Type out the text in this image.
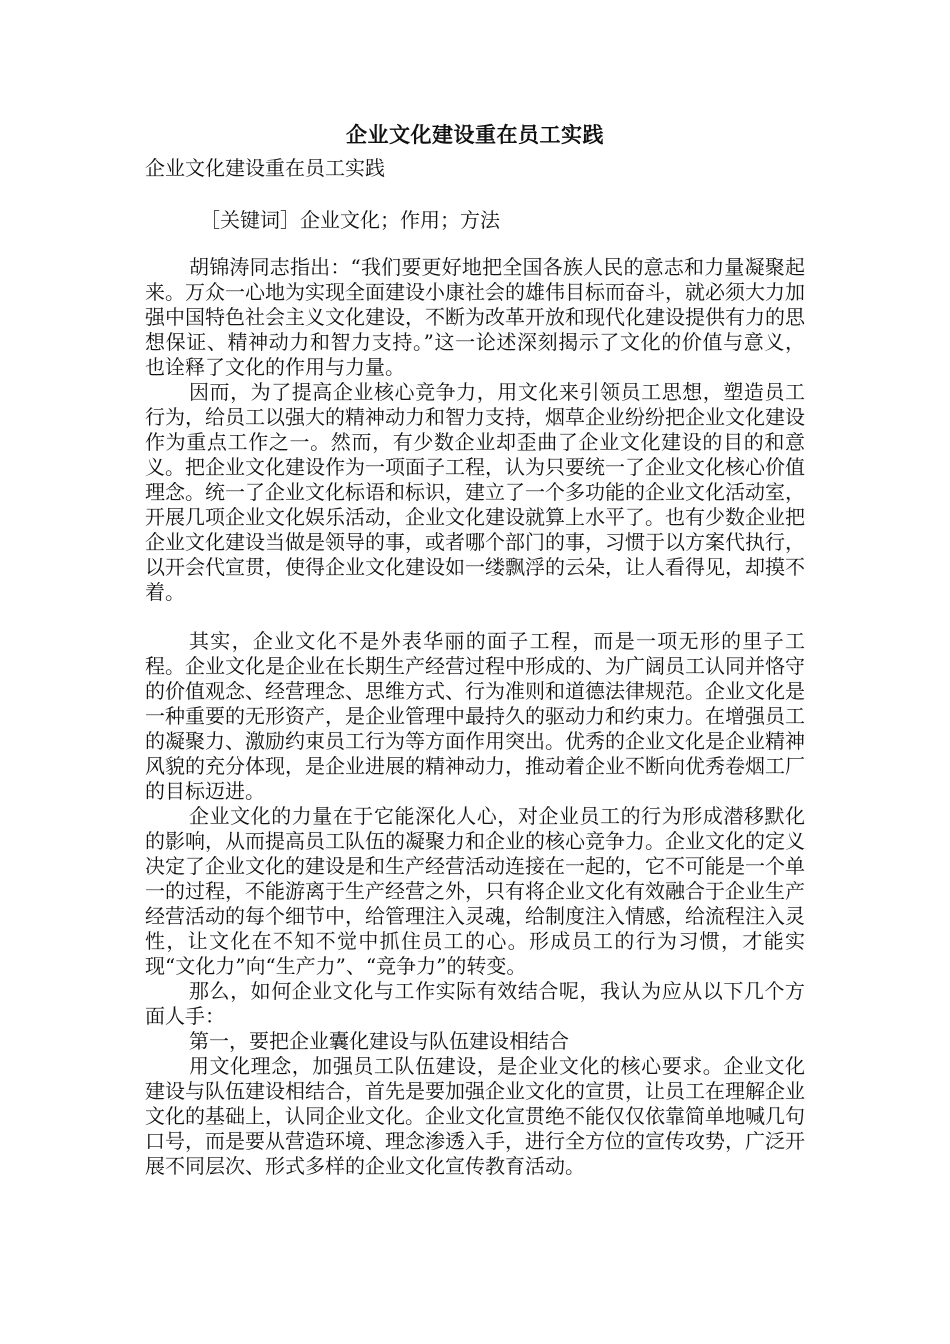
企业文化建设重在员工实践

企业文化建设重在员工实践

［关键词］企业文化；作用；方法

胡锦涛同志指出：“我们要更好地把全国各族人民的意志和力量凝聚起来。万众一心地为实现全面建设小康社会的雄伟目标而奋斗，就必须大力加强中国特色社会主义文化建设，不断为改革开放和现代化建设提供有力的思想保证、精神动力和智力支持。”这一论述深刻揭示了文化的价值与意义，也诠释了文化的作用与力量。

因而，为了提高企业核心竞争力，用文化来引领员工思想，塑造员工行为，给员工以强大的精神动力和智力支持，烟草企业纷纷把企业文化建设作为重点工作之一。然而，有少数企业却歪曲了企业文化建设的目的和意义。把企业文化建设作为一项面子工程，认为只要统一了企业文化核心价值理念。统一了企业文化标语和标识，建立了一个多功能的企业文化活动室，开展几项企业文化娱乐活动，企业文化建设就算上水平了。也有少数企业把企业文化建设当做是领导的事，或者哪个部门的事，习惯于以方案代执行，以开会代宣贯，使得企业文化建设如一缕飘浮的云朵，让人看得见，却摸不着。

其实，企业文化不是外表华丽的面子工程，而是一项无形的里子工程。企业文化是企业在长期生产经营过程中形成的、为广阔员工认同并恪守的价值观念、经营理念、思维方式、行为准则和道德法律规范。企业文化是一种重要的无形资产，是企业管理中最持久的驱动力和约束力。在增强员工的凝聚力、激励约束员工行为等方面作用突出。优秀的企业文化是企业精神风貌的充分体现，是企业进展的精神动力，推动着企业不断向优秀卷烟工厂的目标迈进。

企业文化的力量在于它能深化人心，对企业员工的行为形成潜移默化的影响，从而提高员工队伍的凝聚力和企业的核心竞争力。企业文化的定义决定了企业文化的建设是和生产经营活动连接在一起的，它不可能是一个单一的过程，不能游离于生产经营之外，只有将企业文化有效融合于企业生产经营活动的每个细节中，给管理注入灵魂，给制度注入情感，给流程注入灵性，让文化在不知不觉中抓住员工的心。形成员工的行为习惯，才能实现“文化力”向“生产力”、“竞争力”的转变。

那么，如何企业文化与工作实际有效结合呢，我认为应从以下几个方面人手：

第一，要把企业囊化建设与队伍建设相结合

用文化理念，加强员工队伍建设，是企业文化的核心要求。企业文化建设与队伍建设相结合，首先是要加强企业文化的宣贯，让员工在理解企业文化的基础上，认同企业文化。企业文化宣贯绝不能仅仅依靠简单地喊几句口号，而是要从营造环境、理念渗透入手，进行全方位的宣传攻势，广泛开展不同层次、形式多样的企业文化宣传教育活动。
